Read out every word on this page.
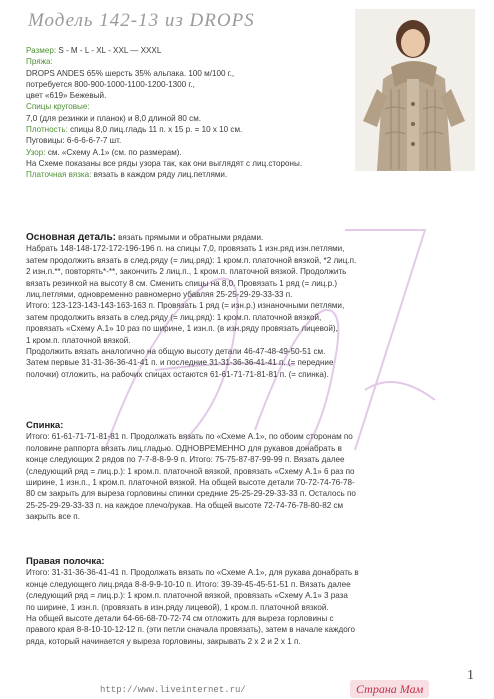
Модель 142-13 из DROPS
Размер: S - M - L - XL - XXL — XXXL
Пряжа:
DROPS ANDES 65% шерсть 35% альпака. 100 м/100 г.,
потребуется 800-900-1000-1100-1200-1300 г.,
цвет «619» Бежевый.
Спицы круговые:
7,0 (для резинки и планок) и 8,0 длиной 80 см.
Плотность: спицы 8,0 лиц.гладь 11 п. x 15 р. = 10 x 10 см.
Пуговицы: 6-6-6-6-7-7 шт.
Узор: см. «Схему А.1» (см. по размерам).
На Схеме показаны все ряды узора так, как они выглядят с лиц.стороны.
Платочная вязка: вязать в каждом ряду лиц.петлями.
Основная деталь: вязать прямыми и обратными рядами.
Набрать 148-148-172-172-196-196 п. на спицы 7,0, провязать 1 изн.ряд изн.петлями,
затем продолжить вязать в след.ряду (= лиц.ряд): 1 кром.п. платочной вязкой, *2 лиц.п.
2 изн.п.**, повторять*-**, закончить 2 лиц.п., 1 кром.п. платочной вязкой. Продолжить
вязать резинкой на высоту 8 см. Сменить спицы на 8,0. Провязать 1 ряд (= лиц.р.)
лиц.петлями, одновременно равномерно убавляя 25-25-29-29-33-33 п.
Итого: 123-123-143-143-163-163 п. Провязать 1 ряд (= изн.р.) изнаночными петлями,
затем продолжить вязать в след.ряду (= лиц.ряд): 1 кром.п. платочной вязкой,
провязать «Схему А.1» 10 раз по ширине, 1 изн.п. (в изн.ряду провязать лицевой),
1 кром.п. платочной вязкой.
Продолжить вязать аналогично на общую высоту детали 46-47-48-49-50-51 см.
Затем первые 31-31-36-36-41-41 п. и последние 31-31-36-36-41-41 п. (= передние
полочки) отложить, на рабочих спицах остаются 61-61-71-71-81-81 п. (= спинка).
Спинка:
Итого: 61-61-71-71-81-81 п. Продолжать вязать по «Схеме А.1», по обоим сторонам по
половине раппорта вязать лиц.гладью. ОДНОВРЕМЕННО для рукавов донабрать в
конце следующих 2 рядов по 7-7-8-8-9-9 п. Итого: 75-75-87-87-99-99 п. Вязать далее
(следующий ряд = лиц.р.): 1 кром.п. платочной вязкой, провязать «Схему А.1» 6 раз по
ширине, 1 изн.п., 1 кром.п. платочной вязкой. На общей высоте детали 70-72-74-76-78-
80 см закрыть для выреза горловины спинки средние 25-25-29-29-33-33 п. Осталось по
25-25-29-29-33-33 п. на каждое плечо/рукав. На общей высоте 72-74-76-78-80-82 см
закрыть все п.
Правая полочка:
Итого: 31-31-36-36-41-41 п. Продолжать вязать по «Схеме А.1», для рукава донабрать в
конце следующего лиц.ряда 8-8-9-9-10-10 п. Итого: 39-39-45-45-51-51 п. Вязать далее
(следующий ряд = лиц.р.): 1 кром.п. платочной вязкой, провязать «Схему А.1» 3 раза
по ширине, 1 изн.п. (провязать в изн.ряду лицевой), 1 кром.п. платочной вязкой.
На общей высоте детали 64-66-68-70-72-74 см отложить для выреза горловины с
правого края 8-8-10-10-12-12 п. (эти петли сначала провязать), затем в начале каждого
ряда, который начинается у выреза горловины, закрывать 2 x 2 и 2 x 1 п.
1
http://www.liveinternet.ru/	Страна Мам
